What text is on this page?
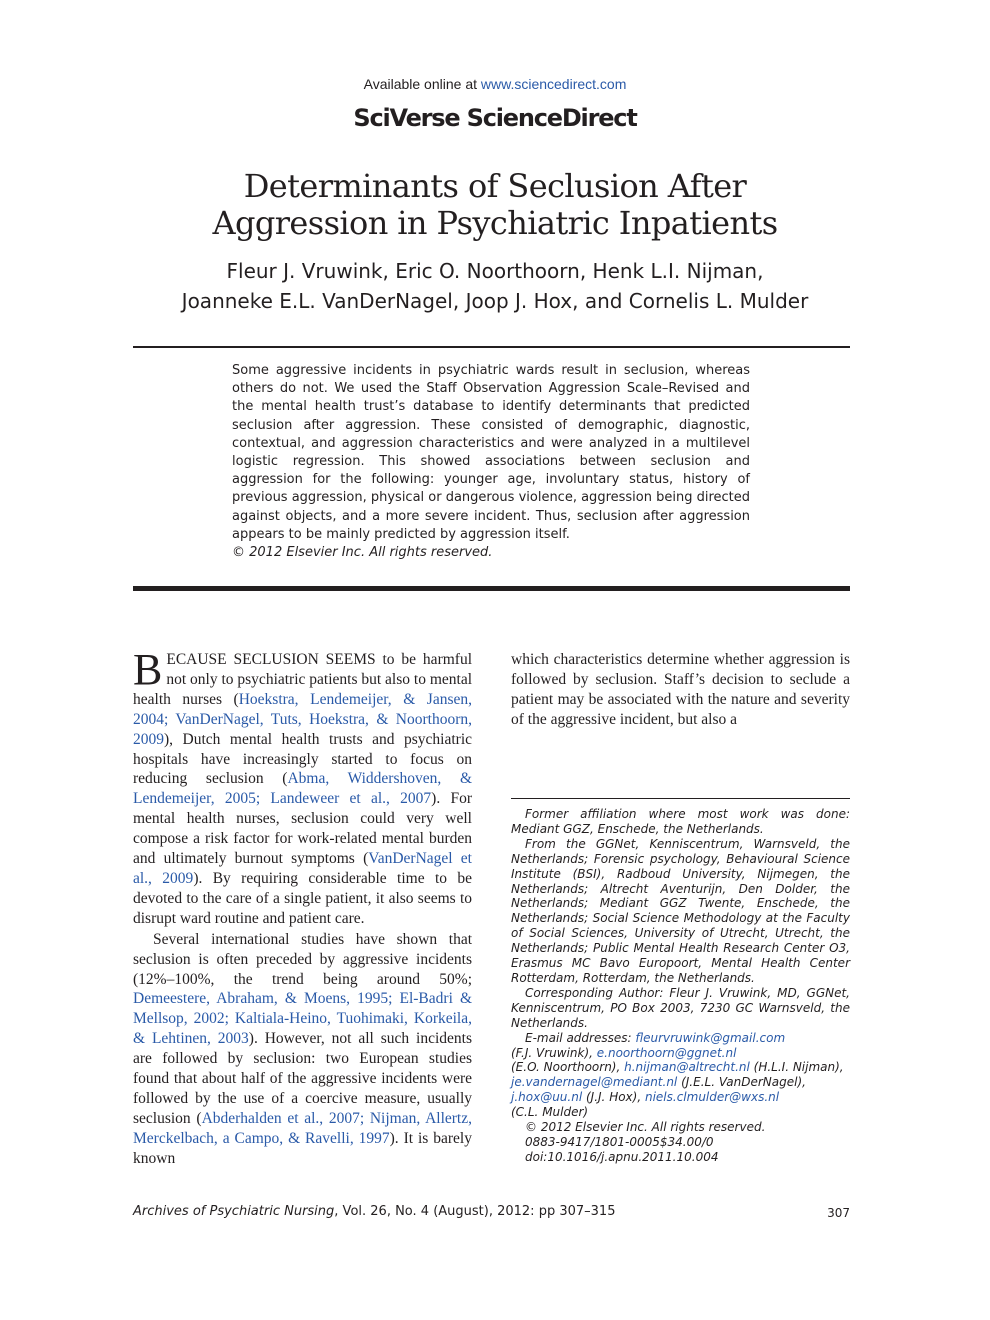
Available online at www.sciencedirect.com
SciVerse ScienceDirect
Determinants of Seclusion After
Aggression in Psychiatric Inpatients
Fleur J. Vruwink, Eric O. Noorthoorn, Henk L.I. Nijman,
Joanneke E.L. VanDerNagel, Joop J. Hox, and Cornelis L. Mulder
Some aggressive incidents in psychiatric wards result in seclusion, whereas others do not. We used the Staff Observation Aggression Scale–Revised and the mental health trust’s database to identify determinants that predicted seclusion after aggression. These consisted of demographic, diagnostic, contextual, and aggression characteristics and were analyzed in a multilevel logistic regression. This showed associations between seclusion and aggression for the following: younger age, involuntary status, history of previous aggression, physical or dangerous violence, aggression being directed against objects, and a more severe incident. Thus, seclusion after aggression appears to be mainly predicted by aggression itself.
© 2012 Elsevier Inc. All rights reserved.

BECAUSE SECLUSION SEEMS to be harmful not only to psychiatric patients but also to mental health nurses (Hoekstra, Lendemeijer, & Jansen, 2004; VanDerNagel, Tuts, Hoekstra, & Noorthoorn, 2009), Dutch mental health trusts and psychiatric hospitals have increasingly started to focus on reducing seclusion (Abma, Widdershoven, & Lendemeijer, 2005; Landeweer et al., 2007). For mental health nurses, seclusion could very well compose a risk factor for work-related mental burden and ultimately burnout symptoms (VanDerNagel et al., 2009). By requiring considerable time to be devoted to the care of a single patient, it also seems to disrupt ward routine and patient care.

Several international studies have shown that seclusion is often preceded by aggressive incidents (12%–100%, the trend being around 50%; Demeestere, Abraham, & Moens, 1995; El-Badri & Mellsop, 2002; Kaltiala-Heino, Tuohimaki, Korkeila, & Lehtinen, 2003). However, not all such incidents are followed by seclusion: two European studies found that about half of the aggressive incidents were followed by the use of a coercive measure, usually seclusion (Abderhalden et al., 2007; Nijman, Allertz, Merckelbach, a Campo, & Ravelli, 1997). It is barely known

which characteristics determine whether aggression is followed by seclusion. Staff’s decision to seclude a patient may be associated with the nature and severity of the aggressive incident, but also a

Former affiliation where most work was done: Mediant GGZ, Enschede, the Netherlands.

From the GGNet, Kenniscentrum, Warnsveld, the Netherlands; Forensic psychology, Behavioural Science Institute (BSI), Radboud University, Nijmegen, the Netherlands; Altrecht Aventurijn, Den Dolder, the Netherlands; Mediant GGZ Twente, Enschede, the Netherlands; Social Science Methodology at the Faculty of Social Sciences, University of Utrecht, Utrecht, the Netherlands; Public Mental Health Research Center O3, Erasmus MC Bavo Europoort, Mental Health Center Rotterdam, Rotterdam, the Netherlands.

Corresponding Author: Fleur J. Vruwink, MD, GGNet, Kenniscentrum, PO Box 2003, 7230 GC Warnsveld, the Netherlands.

E-mail addresses: fleurvruwink@gmail.com
(F.J. Vruwink), e.noorthoorn@ggnet.nl
(E.O. Noorthoorn), h.nijman@altrecht.nl (H.L.I. Nijman),
je.vandernagel@mediant.nl (J.E.L. VanDerNagel),
j.hox@uu.nl (J.J. Hox), niels.clmulder@wxs.nl
(C.L. Mulder)

© 2012 Elsevier Inc. All rights reserved.

0883-9417/1801-0005$34.00/0

doi:10.1016/j.apnu.2011.10.004

Archives of Psychiatric Nursing, Vol. 26, No. 4 (August), 2012: pp 307–315	307
